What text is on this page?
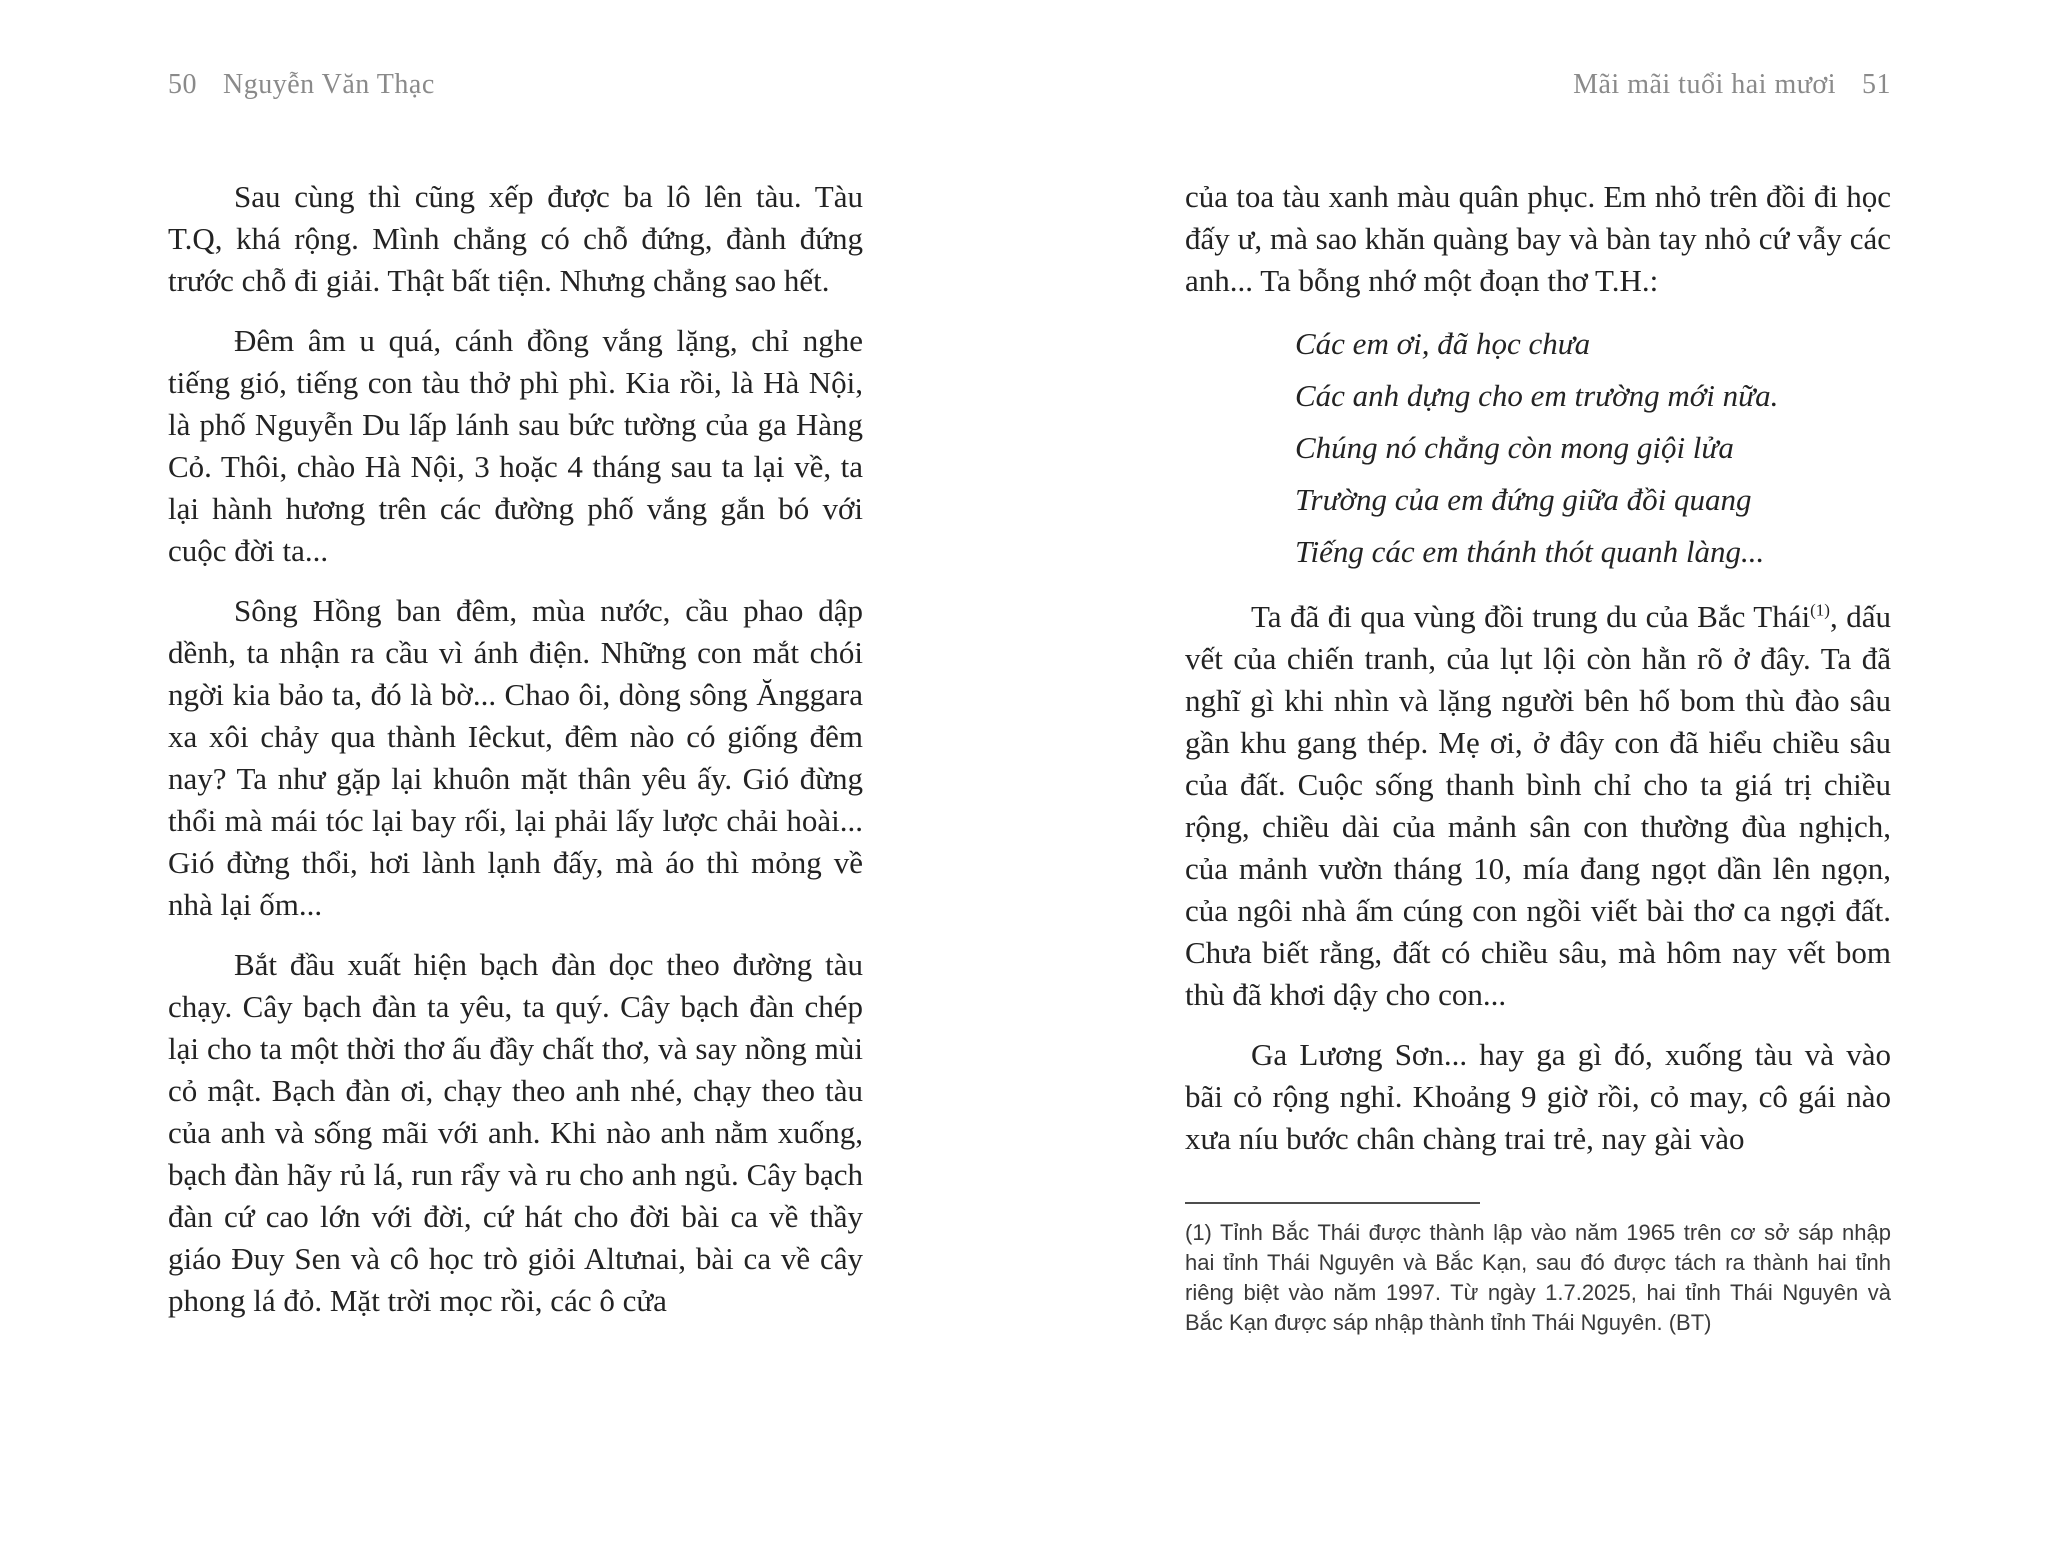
50 Nguyễn Văn Thạc

Sau cùng thì cũng xếp được ba lô lên tàu. Tàu T.Q, khá rộng. Mình chẳng có chỗ đứng, đành đứng trước chỗ đi giải. Thật bất tiện. Nhưng chẳng sao hết.

Đêm âm u quá, cánh đồng vắng lặng, chỉ nghe tiếng gió, tiếng con tàu thở phì phì. Kia rồi, là Hà Nội, là phố Nguyễn Du lấp lánh sau bức tường của ga Hàng Cỏ. Thôi, chào Hà Nội, 3 hoặc 4 tháng sau ta lại về, ta lại hành hương trên các đường phố vắng gắn bó với cuộc đời ta...

Sông Hồng ban đêm, mùa nước, cầu phao dập dềnh, ta nhận ra cầu vì ánh điện. Những con mắt chói ngời kia bảo ta, đó là bờ... Chao ôi, dòng sông Ănggara xa xôi chảy qua thành Iêckut, đêm nào có giống đêm nay? Ta như gặp lại khuôn mặt thân yêu ấy. Gió đừng thổi mà mái tóc lại bay rối, lại phải lấy lược chải hoài... Gió đừng thổi, hơi lành lạnh đấy, mà áo thì mỏng về nhà lại ốm...

Bắt đầu xuất hiện bạch đàn dọc theo đường tàu chạy. Cây bạch đàn ta yêu, ta quý. Cây bạch đàn chép lại cho ta một thời thơ ấu đầy chất thơ, và say nồng mùi cỏ mật. Bạch đàn ơi, chạy theo anh nhé, chạy theo tàu của anh và sống mãi với anh. Khi nào anh nằm xuống, bạch đàn hãy rủ lá, run rẩy và ru cho anh ngủ. Cây bạch đàn cứ cao lớn với đời, cứ hát cho đời bài ca về thầy giáo Đuy Sen và cô học trò giỏi Altưnai, bài ca về cây phong lá đỏ. Mặt trời mọc rồi, các ô cửa

Mãi mãi tuổi hai mươi 51

của toa tàu xanh màu quân phục. Em nhỏ trên đồi đi học đấy ư, mà sao khăn quàng bay và bàn tay nhỏ cứ vẫy các anh... Ta bỗng nhớ một đoạn thơ T.H.:

Các em ơi, đã học chưa
Các anh dựng cho em trường mới nữa.
Chúng nó chẳng còn mong giội lửa
Trường của em đứng giữa đồi quang
Tiếng các em thánh thót quanh làng...

Ta đã đi qua vùng đồi trung du của Bắc Thái$^{(1)}$, dấu vết của chiến tranh, của lụt lội còn hằn rõ ở đây. Ta đã nghĩ gì khi nhìn và lặng người bên hố bom thù đào sâu gần khu gang thép. Mẹ ơi, ở đây con đã hiểu chiều sâu của đất. Cuộc sống thanh bình chỉ cho ta giá trị chiều rộng, chiều dài của mảnh sân con thường đùa nghịch, của mảnh vườn tháng 10, mía đang ngọt dần lên ngọn, của ngôi nhà ấm cúng con ngồi viết bài thơ ca ngợi đất. Chưa biết rằng, đất có chiều sâu, mà hôm nay vết bom thù đã khơi dậy cho con...

Ga Lương Sơn... hay ga gì đó, xuống tàu và vào bãi cỏ rộng nghỉ. Khoảng 9 giờ rồi, cỏ may, cô gái nào xưa níu bước chân chàng trai trẻ, nay gài vào

(1) Tỉnh Bắc Thái được thành lập vào năm 1965 trên cơ sở sáp nhập hai tỉnh Thái Nguyên và Bắc Kạn, sau đó được tách ra thành hai tỉnh riêng biệt vào năm 1997. Từ ngày 1.7.2025, hai tỉnh Thái Nguyên và Bắc Kạn được sáp nhập thành tỉnh Thái Nguyên. (BT)
